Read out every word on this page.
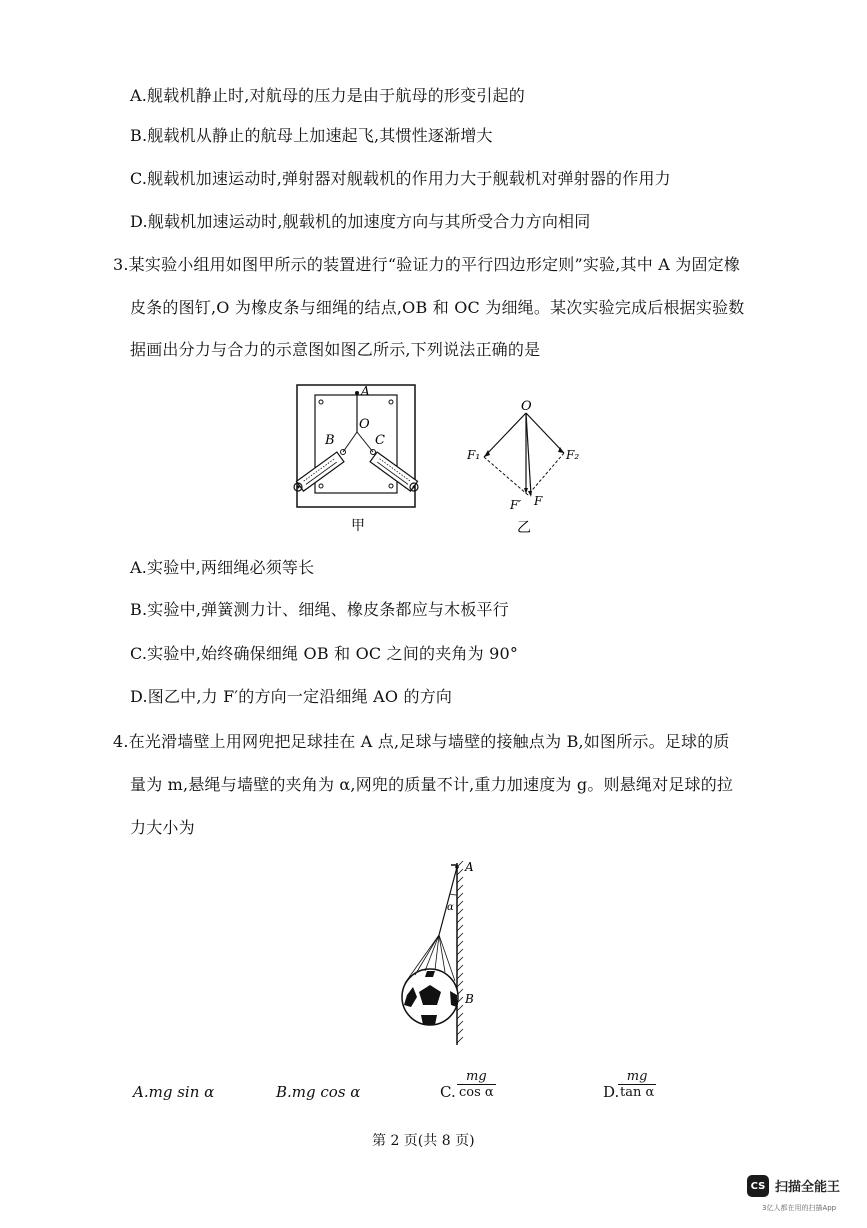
A.舰载机静止时,对航母的压力是由于航母的形变引起的
B.舰载机从静止的航母上加速起飞,其惯性逐渐增大
C.舰载机加速运动时,弹射器对舰载机的作用力大于舰载机对弹射器的作用力
D.舰载机加速运动时,舰载机的加速度方向与其所受合力方向相同
3.某实验小组用如图甲所示的装置进行“验证力的平行四边形定则”实验,其中 A 为固定橡
皮条的图钉,O 为橡皮条与细绳的结点,OB 和 OC 为细绳。某次实验完成后根据实验数
据画出分力与合力的示意图如图乙所示,下列说法正确的是
A
O
B	C
甲
O
F₁	F₂
F′ F
乙
A.实验中,两细绳必须等长
B.实验中,弹簧测力计、细绳、橡皮条都应与木板平行
C.实验中,始终确保细绳 OB 和 OC 之间的夹角为 90°
D.图乙中,力 F′的方向一定沿细绳 AO 的方向
4.在光滑墙壁上用网兜把足球挂在 A 点,足球与墙壁的接触点为 B,如图所示。足球的质
量为 m,悬绳与墙壁的夹角为 α,网兜的质量不计,重力加速度为 g。则悬绳对足球的拉
力大小为
A
α
B
A.mg sin α	B.mg cos α	C. $\frac{mg}{\text{cos α}}$	D.
$\frac{mg}{\text{tan α}}$
第 2 页(共 8 页)
CS 扫描全能王
3亿人都在用的扫描App
